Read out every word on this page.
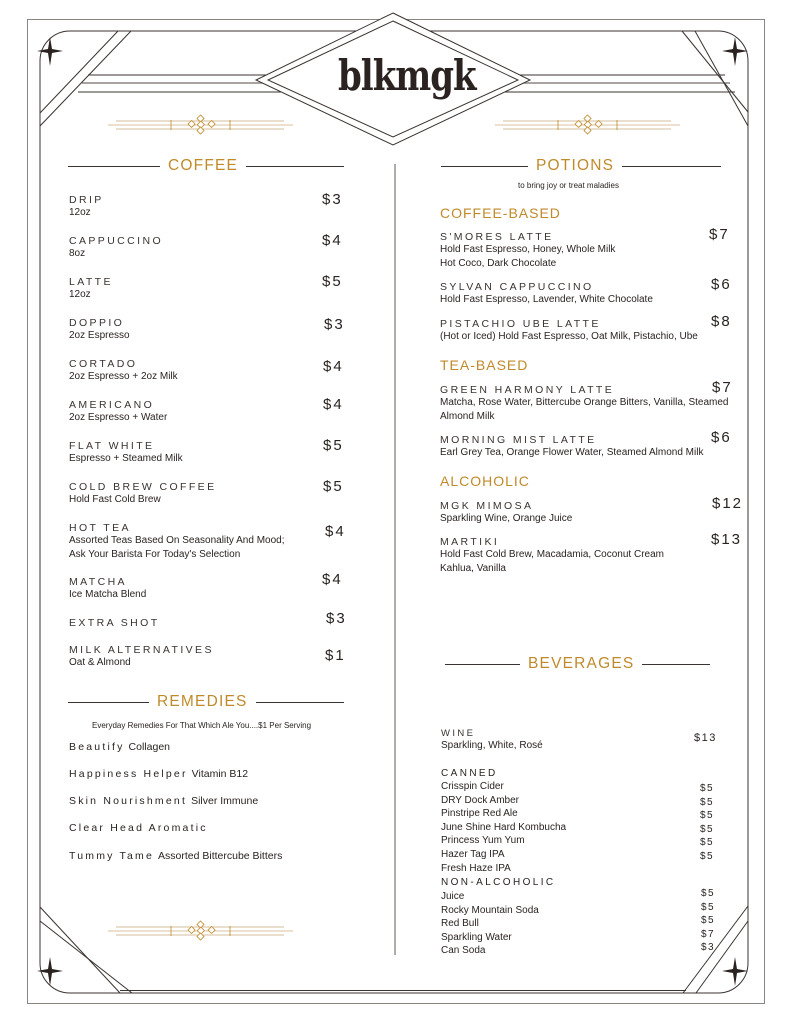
blkmgk
COFFEE
DRIP
12oz
$3
CAPPUCCINO
8oz
$4
LATTE
12oz
$5
DOPPIO
2oz Espresso
$3
CORTADO
2oz Espresso + 2oz Milk
$4
AMERICANO
2oz Espresso + Water
$4
FLAT WHITE
Espresso + Steamed Milk
$5
COLD BREW COFFEE
Hold Fast Cold Brew
$5
HOT TEA
Assorted Teas Based On Seasonality And Mood;
Ask Your Barista For Today's Selection
$4
MATCHA
Ice Matcha Blend
$4
EXTRA SHOT	$3
MILK ALTERNATIVES
Oat & Almond	$1
REMEDIES
Everyday Remedies For That Which Ale You....$1 Per Serving
Beautify Collagen
Happiness Helper Vitamin B12
Skin Nourishment Silver Immune
Clear Head Aromatic
Tummy Tame Assorted Bittercube Bitters
POTIONS
to bring joy or treat maladies
COFFEE-BASED
S'MORES LATTE
Hold Fast Espresso, Honey, Whole Milk
Hot Coco, Dark Chocolate
$7
SYLVAN CAPPUCCINO
Hold Fast Espresso, Lavender, White Chocolate
$6
PISTACHIO UBE LATTE
(Hot or Iced) Hold Fast Espresso, Oat Milk, Pistachio, Ube
$8
TEA-BASED
GREEN HARMONY LATTE
Matcha, Rose Water, Bittercube Orange Bitters, Vanilla, Steamed
Almond Milk
$7
MORNING MIST LATTE
Earl Grey Tea, Orange Flower Water, Steamed Almond Milk
$6
ALCOHOLIC
MGK MIMOSA
Sparkling Wine, Orange Juice
$12
MARTIKI
Hold Fast Cold Brew, Macadamia, Coconut Cream
Kahlua, Vanilla
$13
BEVERAGES
WINE
Sparkling, White, Rosé
$13
CANNED
Crisspin Cider	$5
DRY Dock Amber	$5
Pinstripe Red Ale	$5
June Shine Hard Kombucha	$5
Princess Yum Yum	$5
Hazer Tag IPA	$5
Fresh Haze IPA
NON-ALCOHOLIC
Juice	$5
Rocky Mountain Soda	$5
Red Bull	$5
Sparkling Water	$7
Can Soda	$3
